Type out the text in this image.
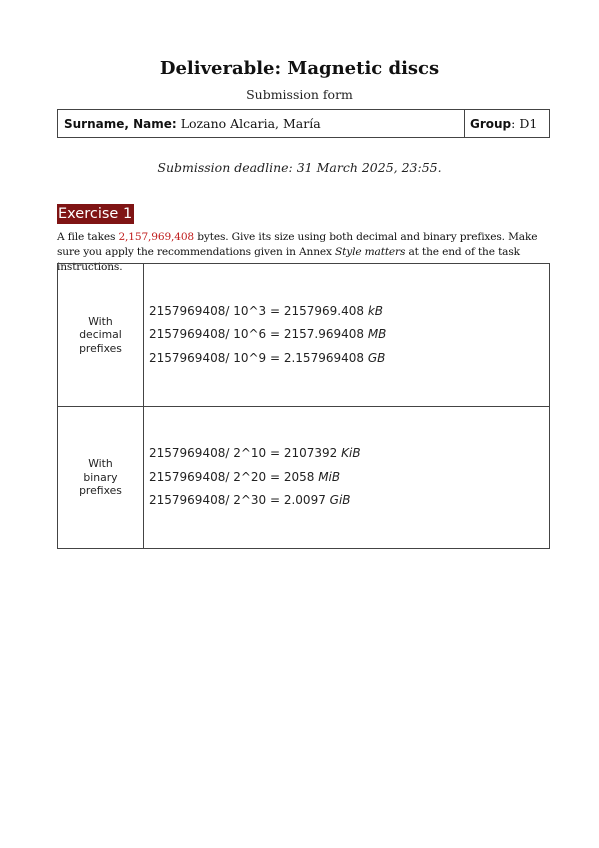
Deliverable: Magnetic discs
Submission form
Surname, Name: Lozano Alcaria, María	Group : D1
Submission deadline: 31 March 2025, 23:55.
Exercise 1
A file takes 2,157,969,408 bytes. Give its size using both decimal and binary prefixes. Make sure you apply the recommendations given in Annex Style matters at the end of the task instructions.
With
decimal
prefixes
2157969408/ 10^3 = 2157969.408 kB
2157969408/ 10^6 = 2157.969408 MB
2157969408/ 10^9 = 2.157969408 GB
With
binary
prefixes
2157969408/ 2^10 = 2107392 KiB
2157969408/ 2^20 = 2058 MiB
2157969408/ 2^30 = 2.0097 GiB
